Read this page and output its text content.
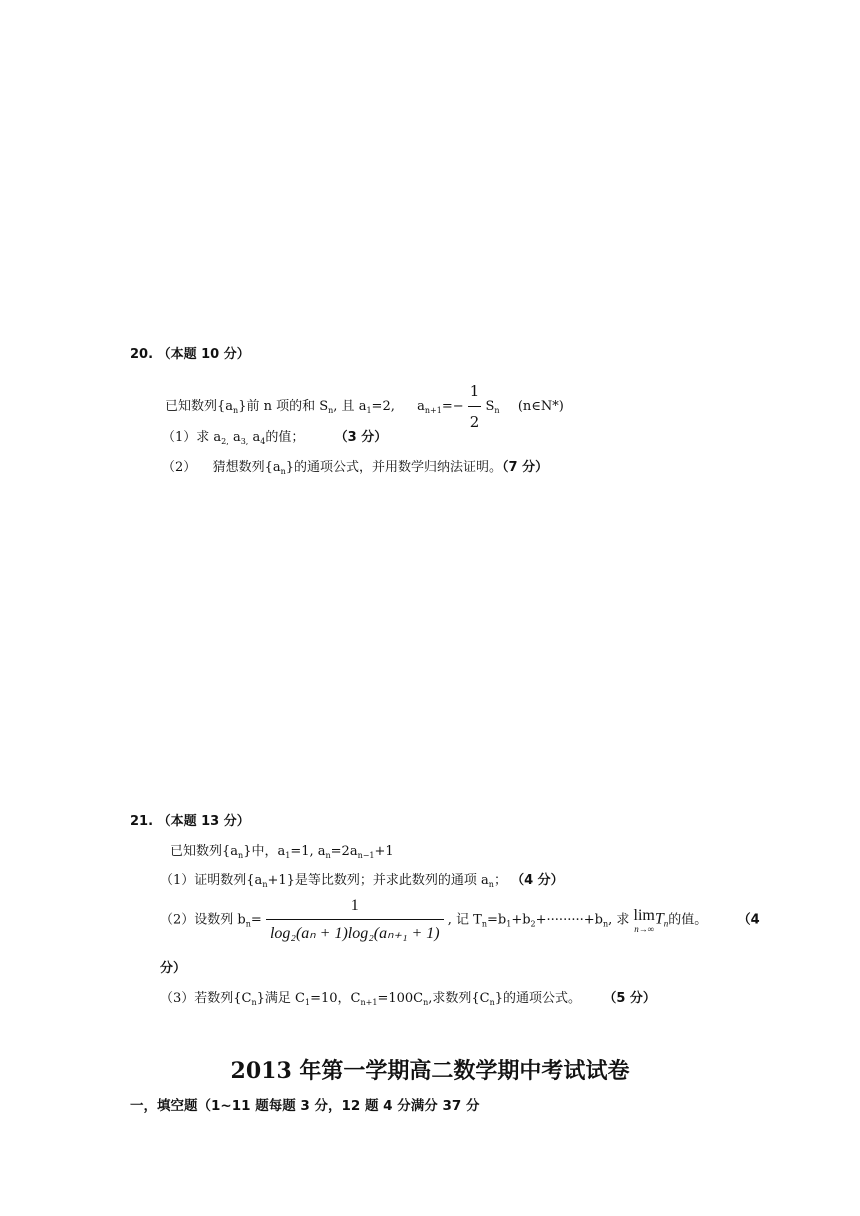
20. （本题 10 分）
已知数列$\{a_n\}$前 n 项的和 $S_n$, 且 $a_1=2$, $a_{n+1}=- \frac{1}{2} S_n$ (n∈N*)
（1）求 $a_{2,}$ $a_{3,}$ $a_4$的值； （3 分）
（2） 猜想数列$\{a_n\}$的通项公式，并用数学归纳法证明。（7 分）
21. （本题 13 分）
已知数列$\{a_n\}$中，$a_1=1$, $a_n=2a_{n-1}+1$
（1）证明数列$\{a_n+1\}$是等比数列；并求此数列的通项 $a_n$； （4 分）
（2）设数列 $b_n= \frac{1}{\text{log₂(aₙ + 1)log₂(aₙ₊₁ + 1)}}$ , 记 $T_n=b_1+b_2+\cdot\cdot\cdot\cdot\cdot\cdot\cdot\cdot\cdot+b_n$, 求 lim
n→∞
$T_n$的值。 （4
分）
（3）若数列$\{C_n\}$满足 $C_1=10$，$C_{n+1}=100C_n$,求数列$\{C_n\}$的通项公式。 （5 分）
2013 年第一学期高二数学期中考试试卷
一，填空题（1~11 题每题 3 分，12 题 4 分满分 37 分
